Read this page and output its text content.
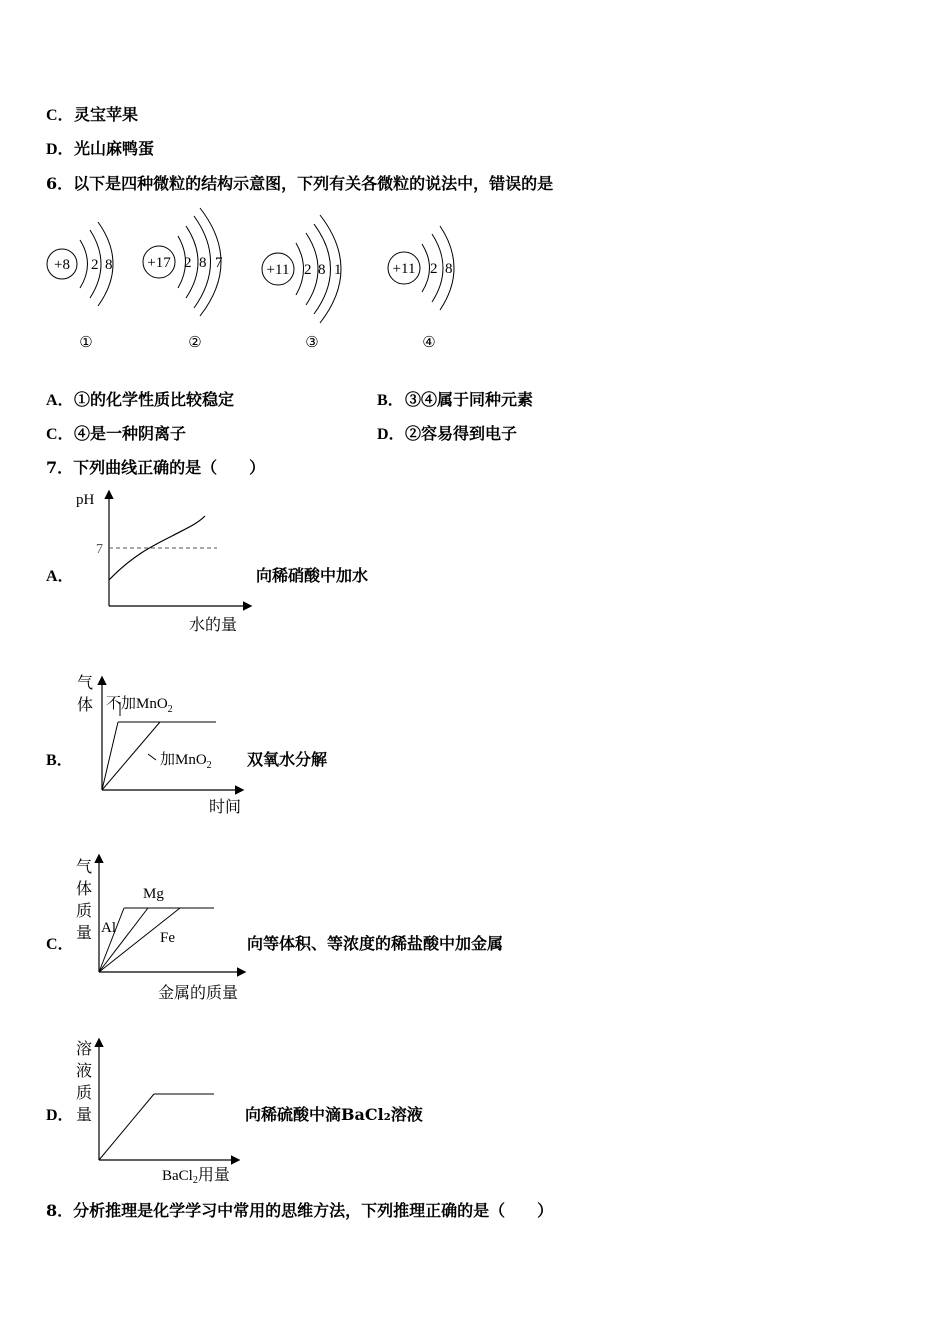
C．灵宝苹果
D．光山麻鸭蛋
6．以下是四种微粒的结构示意图，下列有关各微粒的说法中，错误的是
+8 2 8
①
+17 2 8 7
②
+11 2 8 1
③
+11 2 8
④
A．①的化学性质比较稳定	B．③④属于同种元素
C．④是一种阴离子	D．②容易得到电子
7．下列曲线正确的是（　　）
A．
pH
7
水的量
向稀硝酸中加水
B．
气
体 不加MnO$_2$
加MnO$_2$
时间
双氧水分解
C．
气
体
质
量 Al
Mg
Fe
金属的质量
向等体积、等浓度的稀盐酸中加金属
D．
溶
液
质
量
BaCl$_2$用量
向稀硫酸中滴BaCl₂溶液
8．分析推理是化学学习中常用的思维方法，下列推理正确的是（　　）
